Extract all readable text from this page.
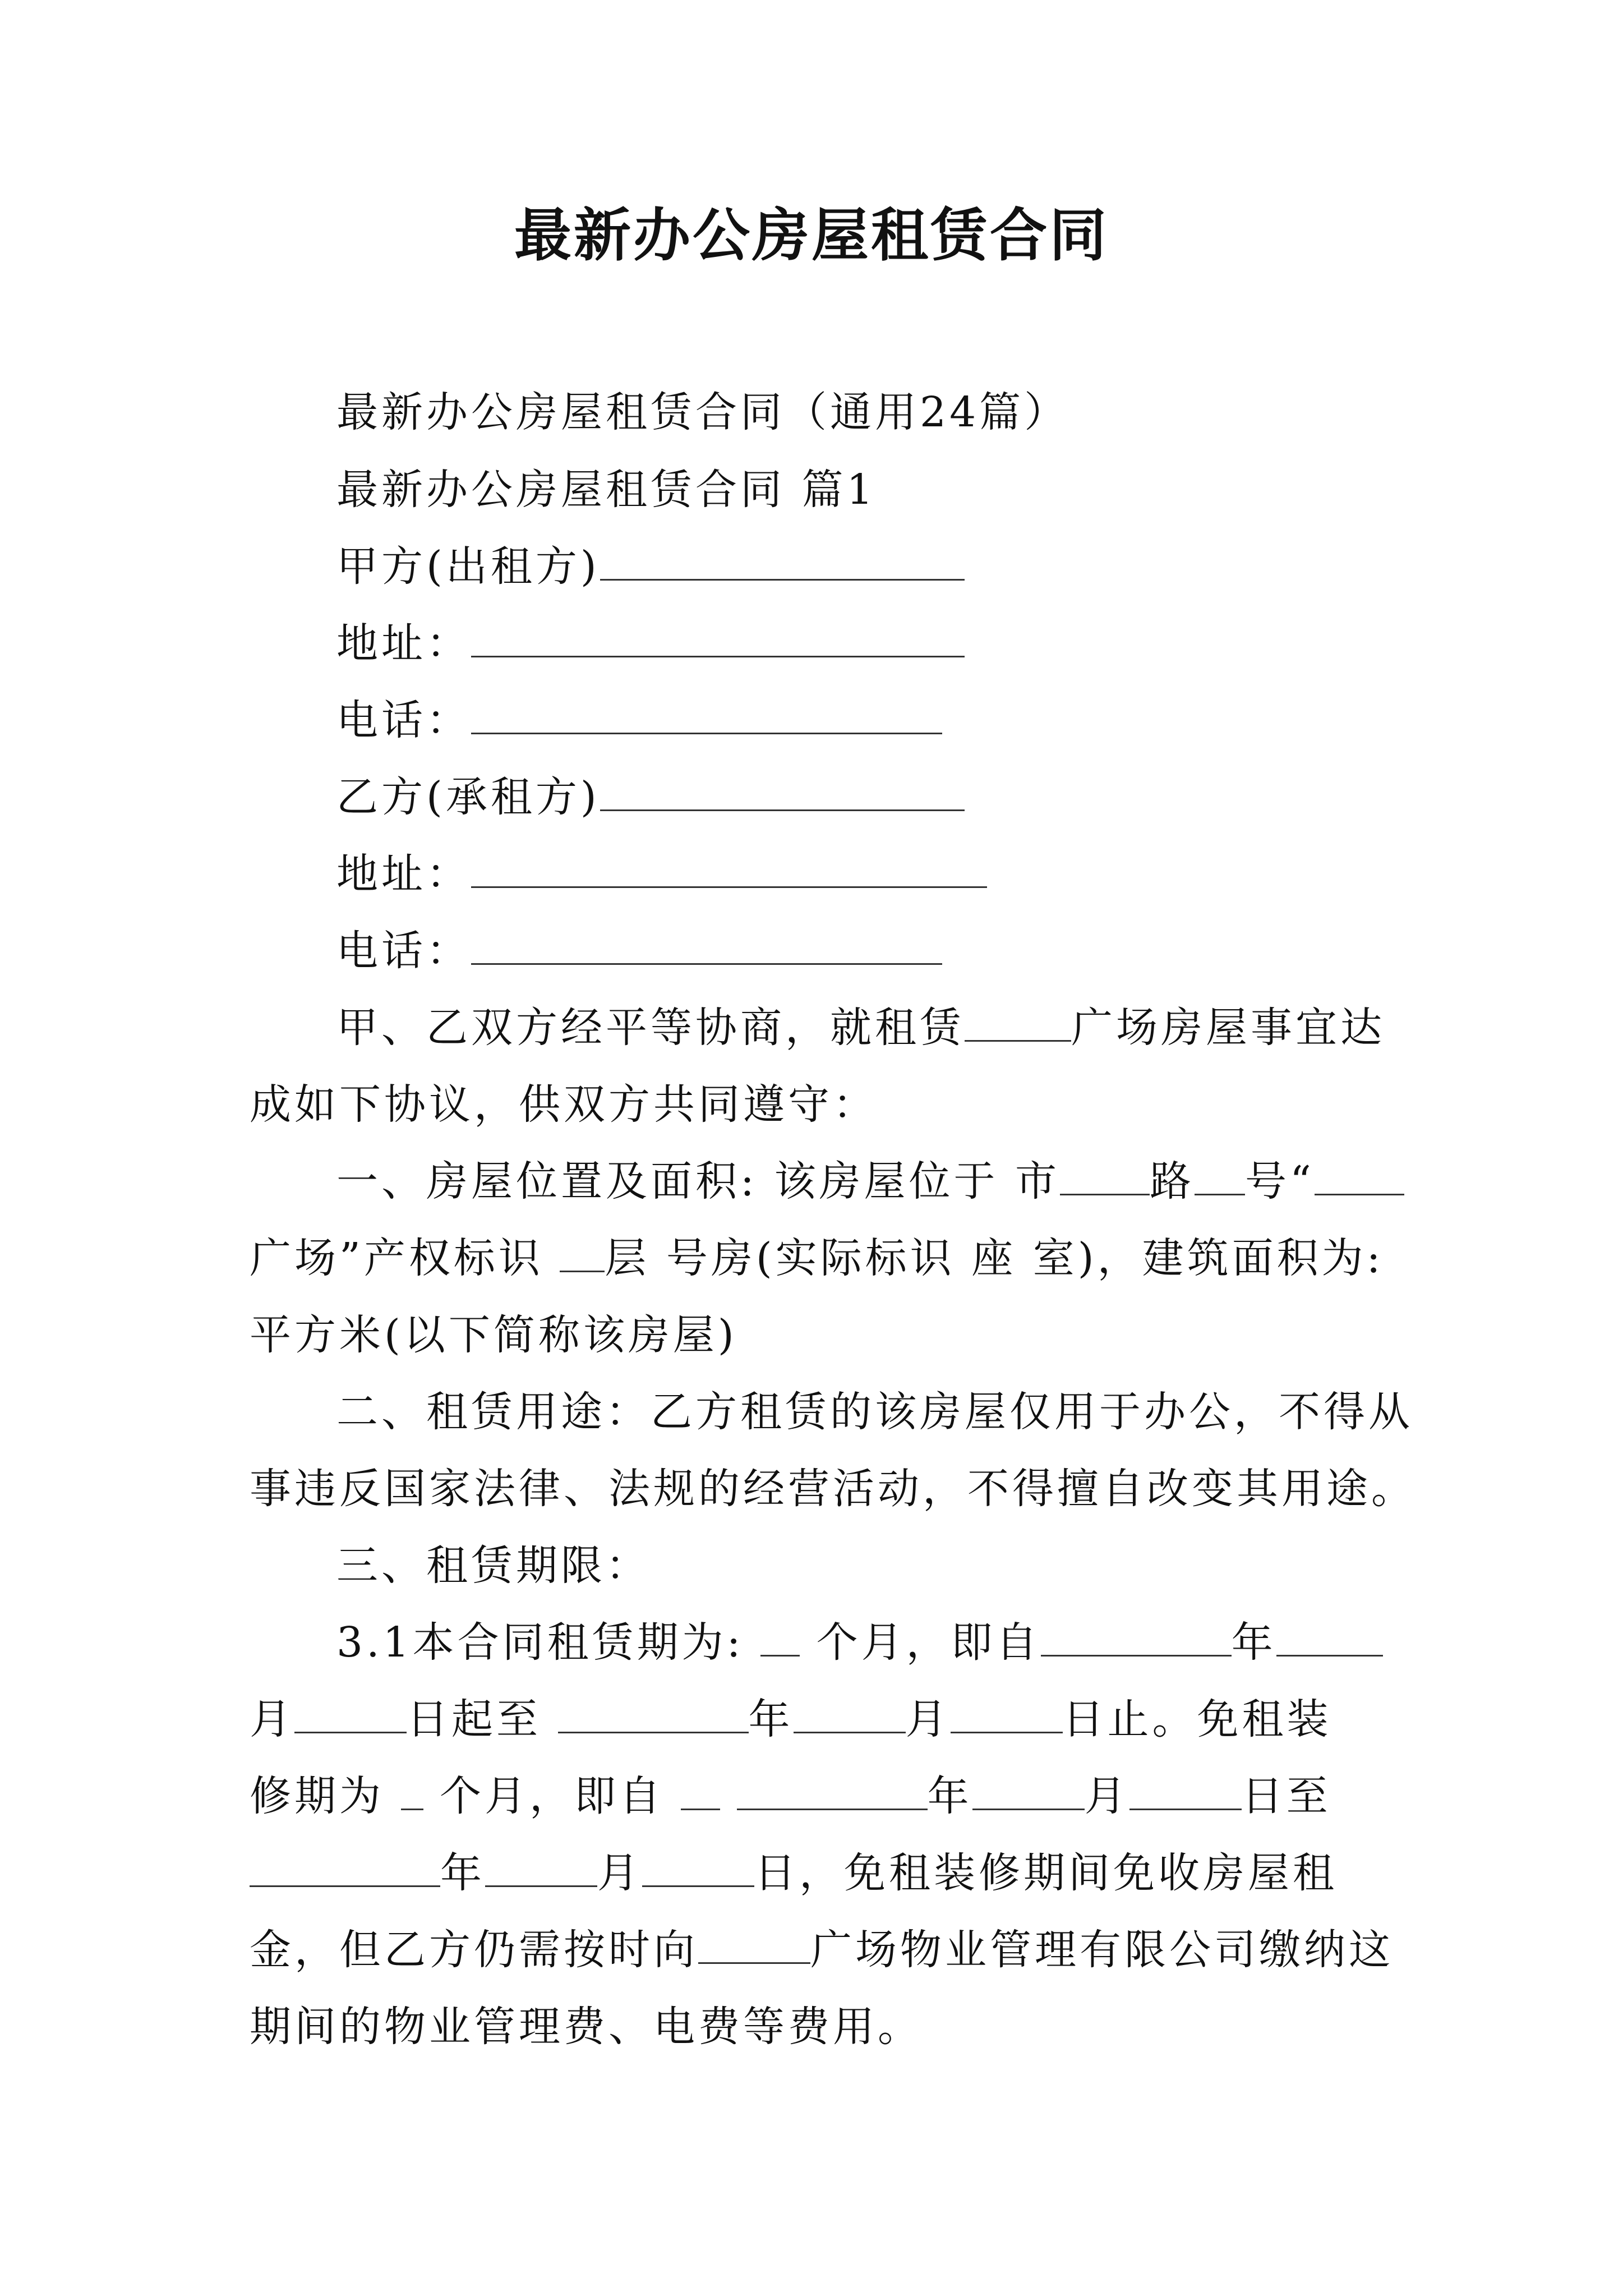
最新办公房屋租赁合同
最新办公房屋租赁合同（通用24篇）
最新办公房屋租赁合同 篇1
甲方(出租方)
地址：
电话：
乙方(承租方)
地址：
电话：
甲、乙双方经平等协商，就租赁	广场房屋事宜达
成如下协议，供双方共同遵守：
一、房屋位置及面积: 该房屋位于 市 路 号“
广场”产权标识 层 号房(实际标识 座 室)，建筑面积为:
平方米(以下简称该房屋)
二、租赁用途：乙方租赁的该房屋仅用于办公，不得从
事违反国家法律、法规的经营活动，不得擅自改变其用途。
三、租赁期限：
3.1本合同租赁期为:  个月，即自	年
月	日起至	年	月	日止。免租装
修期为  个月，即自	年	月	日至
年	月	日，免租装修期间免收房屋租
金，但乙方仍需按时向	广场物业管理有限公司缴纳这
期间的物业管理费、电费等费用。
